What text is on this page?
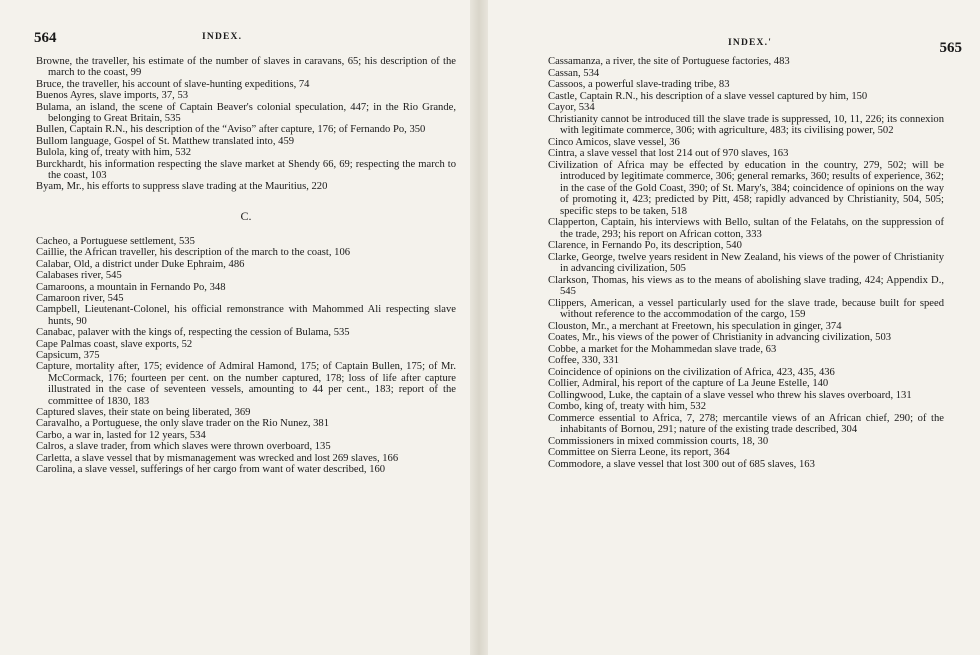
564	INDEX.

Browne, the traveller, his estimate of the number of slaves in caravans, 65; his description of the march to the coast, 99

Bruce, the traveller, his account of slave-hunting expeditions, 74

Buenos Ayres, slave imports, 37, 53

Bulama, an island, the scene of Captain Beaver's colonial speculation, 447; in the Rio Grande, belonging to Great Britain, 535

Bullen, Captain R.N., his description of the “Aviso” after capture, 176; of Fernando Po, 350

Bullom language, Gospel of St. Matthew translated into, 459

Bulola, king of, treaty with him, 532

Burckhardt, his information respecting the slave market at Shendy 66, 69; respecting the march to the coast, 103

Byam, Mr., his efforts to suppress slave trading at the Mauritius, 220

C.

Cacheo, a Portuguese settlement, 535

Caillie, the African traveller, his description of the march to the coast, 106

Calabar, Old, a district under Duke Ephraim, 486

Calabases river, 545

Camaroons, a mountain in Fernando Po, 348

Camaroon river, 545

Campbell, Lieutenant-Colonel, his official remonstrance with Mahommed Ali respecting slave hunts, 90

Canabac, palaver with the kings of, respecting the cession of Bulama, 535

Cape Palmas coast, slave exports, 52

Capsicum, 375

Capture, mortality after, 175; evidence of Admiral Hamond, 175; of Captain Bullen, 175; of Mr. McCormack, 176; fourteen per cent. on the number captured, 178; loss of life after capture illustrated in the case of seventeen vessels, amounting to 44 per cent., 183; report of the committee of 1830, 183

Captured slaves, their state on being liberated, 369

Caravalho, a Portuguese, the only slave trader on the Rio Nunez, 381

Carbo, a war in, lasted for 12 years, 534

Calros, a slave trader, from which slaves were thrown overboard, 135

Carletta, a slave vessel that by mismanagement was wrecked and lost 269 slaves, 166

Carolina, a slave vessel, sufferings of her cargo from want of water described, 160

INDEX.'	565

Cassamanza, a river, the site of Portuguese factories, 483

Cassan, 534

Cassoos, a powerful slave-trading tribe, 83

Castle, Captain R.N., his description of a slave vessel captured by him, 150

Cayor, 534

Christianity cannot be introduced till the slave trade is suppressed, 10, 11, 226; its connexion with legitimate commerce, 306; with agriculture, 483; its civilising power, 502

Cinco Amicos, slave vessel, 36

Cintra, a slave vessel that lost 214 out of 970 slaves, 163

Civilization of Africa may be effected by education in the country, 279, 502; will be introduced by legitimate commerce, 306; general remarks, 360; results of experience, 362; in the case of the Gold Coast, 390; of St. Mary's, 384; coincidence of opinions on the way of promoting it, 423; predicted by Pitt, 458; rapidly advanced by Christianity, 504, 505; specific steps to be taken, 518

Clapperton, Captain, his interviews with Bello, sultan of the Felatahs, on the suppression of the trade, 293; his report on African cotton, 333

Clarence, in Fernando Po, its description, 540

Clarke, George, twelve years resident in New Zealand, his views of the power of Christianity in advancing civilization, 505

Clarkson, Thomas, his views as to the means of abolishing slave trading, 424; Appendix D., 545

Clippers, American, a vessel particularly used for the slave trade, because built for speed without reference to the accommodation of the cargo, 159

Clouston, Mr., a merchant at Freetown, his speculation in ginger, 374

Coates, Mr., his views of the power of Christianity in advancing civilization, 503

Cobbe, a market for the Mohammedan slave trade, 63

Coffee, 330, 331

Coincidence of opinions on the civilization of Africa, 423, 435, 436

Collier, Admiral, his report of the capture of La Jeune Estelle, 140

Collingwood, Luke, the captain of a slave vessel who threw his slaves overboard, 131

Combo, king of, treaty with him, 532

Commerce essential to Africa, 7, 278; mercantile views of an African chief, 290; of the inhabitants of Bornou, 291; nature of the existing trade described, 304

Commissioners in mixed commission courts, 18, 30

Committee on Sierra Leone, its report, 364

Commodore, a slave vessel that lost 300 out of 685 slaves, 163
